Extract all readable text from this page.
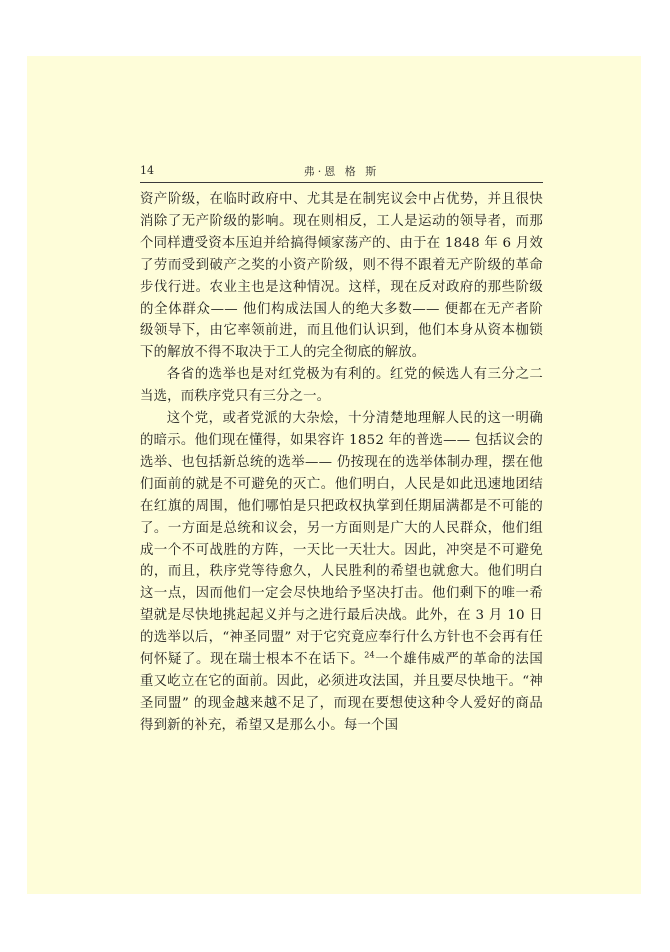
14	弗·恩 格 斯

资产阶级，在临时政府中、尤其是在制宪议会中占优势，并且很快消除了无产阶级的影响。现在则相反，工人是运动的领导者，而那个同样遭受资本压迫并给搞得倾家荡产的、由于在 1848 年 6 月效了劳而受到破产之奖的小资产阶级，则不得不跟着无产阶级的革命步伐行进。农业主也是这种情况。这样，现在反对政府的那些阶级的全体群众—— 他们构成法国人的绝大多数—— 便都在无产者阶级领导下，由它率领前进，而且他们认识到，他们本身从资本枷锁下的解放不得不取决于工人的完全彻底的解放。

各省的选举也是对红党极为有利的。红党的候选人有三分之二当选，而秩序党只有三分之一。

这个党，或者党派的大杂烩，十分清楚地理解人民的这一明确的暗示。他们现在懂得，如果容许 1852 年的普选—— 包括议会的选举、也包括新总统的选举—— 仍按现在的选举体制办理，摆在他们面前的就是不可避免的灭亡。他们明白，人民是如此迅速地团结在红旗的周围，他们哪怕是只把政权执掌到任期届满都是不可能的了。一方面是总统和议会，另一方面则是广大的人民群众，他们组成一个不可战胜的方阵，一天比一天壮大。因此，冲突是不可避免的，而且，秩序党等待愈久，人民胜利的希望也就愈大。他们明白这一点，因而他们一定会尽快地给予坚决打击。他们剩下的唯一希望就是尽快地挑起起义并与之进行最后决战。此外，在 3 月 10 日的选举以后，“神圣同盟” 对于它究竟应奉行什么方针也不会再有任何怀疑了。现在瑞士根本不在话下。$^{24}$一个雄伟威严的革命的法国重又屹立在它的面前。因此，必须进攻法国，并且要尽快地干。“神圣同盟” 的现金越来越不足了，而现在要想使这种令人爱好的商品得到新的补充，希望又是那么小。每一个国
